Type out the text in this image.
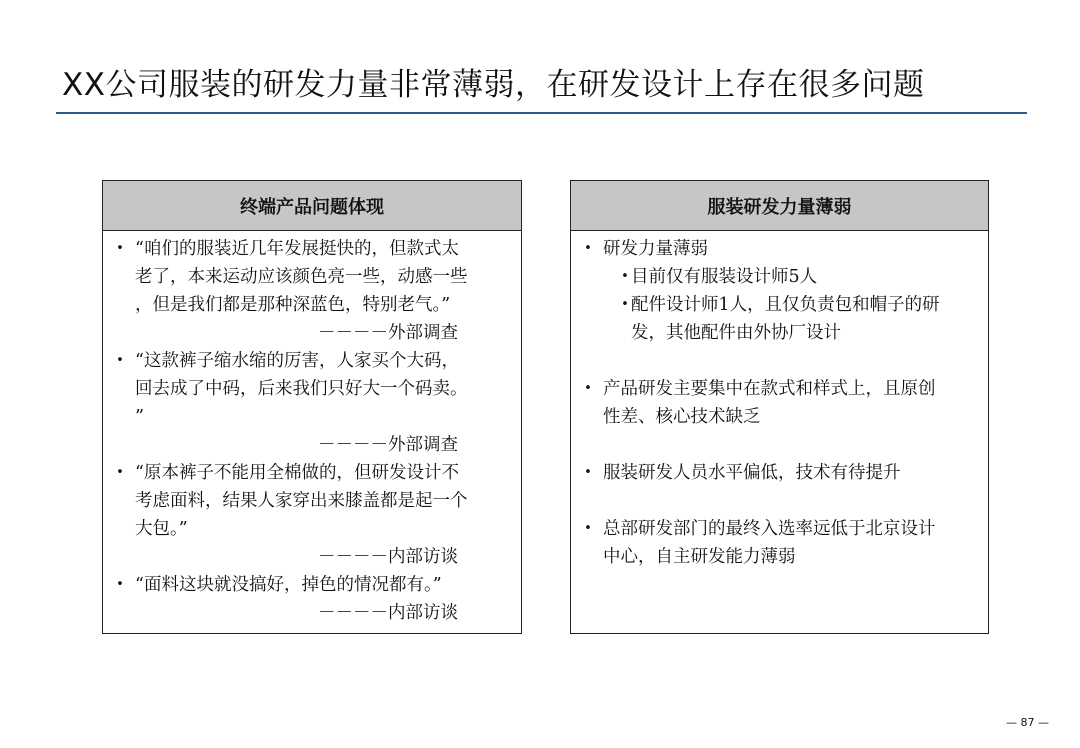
XX公司服装的研发力量非常薄弱，在研发设计上存在很多问题
终端产品问题体现
• “咱们的服装近几年发展挺快的，但款式太
老了，本来运动应该颜色亮一些，动感一些
，但是我们都是那种深蓝色，特别老气。”
－－－－外部调查
• “这款裤子缩水缩的厉害，人家买个大码，
回去成了中码，后来我们只好大一个码卖。
”
－－－－外部调查
• “原本裤子不能用全棉做的，但研发设计不
考虑面料，结果人家穿出来膝盖都是起一个
大包。”
－－－－内部访谈
• “面料这块就没搞好，掉色的情况都有。”
－－－－内部访谈
服装研发力量薄弱
• 研发力量薄弱
• 目前仅有服装设计师5人
• 配件设计师1人，且仅负责包和帽子的研
发，其他配件由外协厂设计
• 产品研发主要集中在款式和样式上，且原创
性差、核心技术缺乏
• 服装研发人员水平偏低，技术有待提升
• 总部研发部门的最终入选率远低于北京设计
中心，自主研发能力薄弱
— 87 —
